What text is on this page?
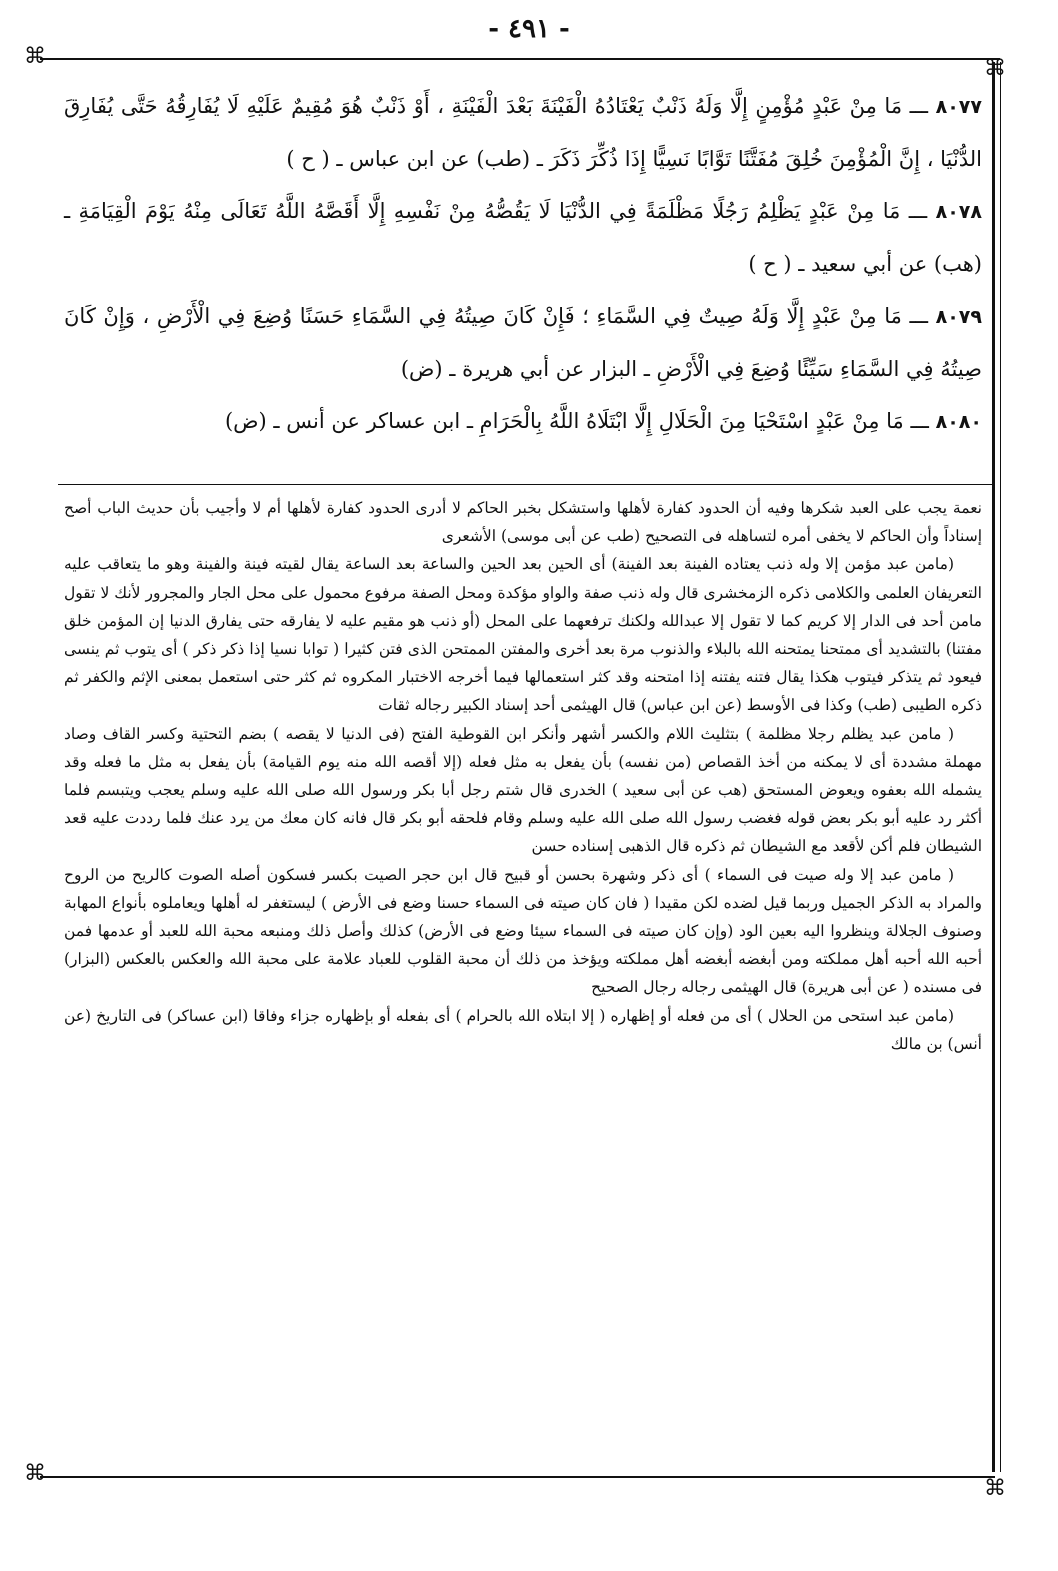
- ٤٩١ -
⌘	⌘
⌘
⌘

٨٠٧٧ ـــ مَا مِنْ عَبْدٍ مُؤْمِنٍ إِلَّا وَلَهُ ذَنْبٌ يَعْتَادُهُ الْفَيْنَةَ بَعْدَ الْفَيْنَةِ ، أَوْ ذَنْبٌ هُوَ مُقِيمٌ عَلَيْهِ لَا يُفَارِقُهُ حَتَّى يُفَارِقَ الدُّنْيَا ، إِنَّ الْمُؤْمِنَ خُلِقَ مُفَتَّنًا تَوَّابًا نَسِيًّا إِذَا ذُكِّرَ ذَكَرَ ـ (طب) عن ابن عباس ـ ( ح )

٨٠٧٨ ـــ مَا مِنْ عَبْدٍ يَظْلِمُ رَجُلًا مَظْلَمَةً فِي الدُّنْيَا لَا يَقُصُّهُ مِنْ نَفْسِهِ إِلَّا أَقَصَّهُ اللَّهُ تَعَالَى مِنْهُ يَوْمَ الْقِيَامَةِ ـ (هب) عن أبي سعيد ـ ( ح )

٨٠٧٩ ـــ مَا مِنْ عَبْدٍ إِلَّا وَلَهُ صِيتٌ فِي السَّمَاءِ ؛ فَإِنْ كَانَ صِيتُهُ فِي السَّمَاءِ حَسَنًا وُضِعَ فِي الْأَرْضِ ، وَإِنْ كَانَ صِيتُهُ فِي السَّمَاءِ سَيِّئًا وُضِعَ فِي الْأَرْضِ ـ البزار عن أبي هريرة ـ (ض)

٨٠٨٠ ـــ مَا مِنْ عَبْدٍ اسْتَحْيَا مِنَ الْحَلَالِ إِلَّا ابْتَلَاهُ اللَّهُ بِالْحَرَامِ ـ ابن عساكر عن أنس ـ (ض)

نعمة يجب على العبد شكرها وفيه أن الحدود كفارة لأهلها واستشكل بخبر الحاكم لا أدرى الحدود كفارة لأهلها أم لا وأجيب بأن حديث الباب أصح إسناداً وأن الحاكم لا يخفى أمره لتساهله فى التصحيح (طب عن أبى موسى) الأشعرى

(مامن عبد مؤمن إلا وله ذنب يعتاده الفينة بعد الفينة) أى الحين بعد الحين والساعة بعد الساعة يقال لقيته فينة والفينة وهو ما يتعاقب عليه التعريفان العلمى والكلامى ذكره الزمخشرى قال وله ذنب صفة والواو مؤكدة ومحل الصفة مرفوع محمول على محل الجار والمجرور لأنك لا تقول مامن أحد فى الدار إلا كريم كما لا تقول إلا عبدالله ولكنك ترفعهما على المحل (أو ذنب هو مقيم عليه لا يفارقه حتى يفارق الدنيا إن المؤمن خلق مفتنا) بالتشديد أى ممتحنا يمتحنه الله بالبلاء والذنوب مرة بعد أخرى والمفتن الممتحن الذى فتن كثيرا ( توابا نسيا إذا ذكر ذكر ) أى يتوب ثم ينسى فيعود ثم يتذكر فيتوب هكذا يقال فتنه يفتنه إذا امتحنه وقد كثر استعمالها فيما أخرجه الاختبار المكروه ثم كثر حتى استعمل بمعنى الإثم والكفر ثم ذكره الطيبى (طب) وكذا فى الأوسط (عن ابن عباس) قال الهيثمى أحد إسناد الكبير رجاله ثقات

( مامن عبد يظلم رجلا مظلمة ) بتثليث اللام والكسر أشهر وأنكر ابن القوطية الفتح (فى الدنيا لا يقصه ) بضم التحتية وكسر القاف وصاد مهملة مشددة أى لا يمكنه من أخذ القصاص (من نفسه) بأن يفعل به مثل فعله (إلا أقصه الله منه يوم القيامة) بأن يفعل به مثل ما فعله وقد يشمله الله بعفوه ويعوض المستحق (هب عن أبى سعيد ) الخدرى قال شتم رجل أبا بكر ورسول الله صلى الله عليه وسلم يعجب ويتبسم فلما أكثر رد عليه أبو بكر بعض قوله فغضب رسول الله صلى الله عليه وسلم وقام فلحقه أبو بكر قال فانه كان معك من يرد عنك فلما رددت عليه قعد الشيطان فلم أكن لأقعد مع الشيطان ثم ذكره قال الذهبى إسناده حسن

( مامن عبد إلا وله صيت فى السماء ) أى ذكر وشهرة بحسن أو قبيح قال ابن حجر الصيت بكسر فسكون أصله الصوت كالريح من الروح والمراد به الذكر الجميل وربما قيل لضده لكن مقيدا ( فان كان صيته فى السماء حسنا وضع فى الأرض ) ليستغفر له أهلها ويعاملوه بأنواع المهابة وصنوف الجلالة وينظروا اليه بعين الود (وإن كان صيته فى السماء سيئا وضع فى الأرض) كذلك وأصل ذلك ومنبعه محبة الله للعبد أو عدمها فمن أحبه الله أحبه أهل مملكته ومن أبغضه أبغضه أهل مملكته ويؤخذ من ذلك أن محبة القلوب للعباد علامة على محبة الله والعكس بالعكس (البزار) فى مسنده ( عن أبى هريرة) قال الهيثمى رجاله رجال الصحيح

(مامن عبد استحى من الحلال ) أى من فعله أو إظهاره ( إلا ابتلاه الله بالحرام ) أى بفعله أو بإظهاره جزاء وفاقا (ابن عساكر) فى التاريخ (عن أنس) بن مالك
